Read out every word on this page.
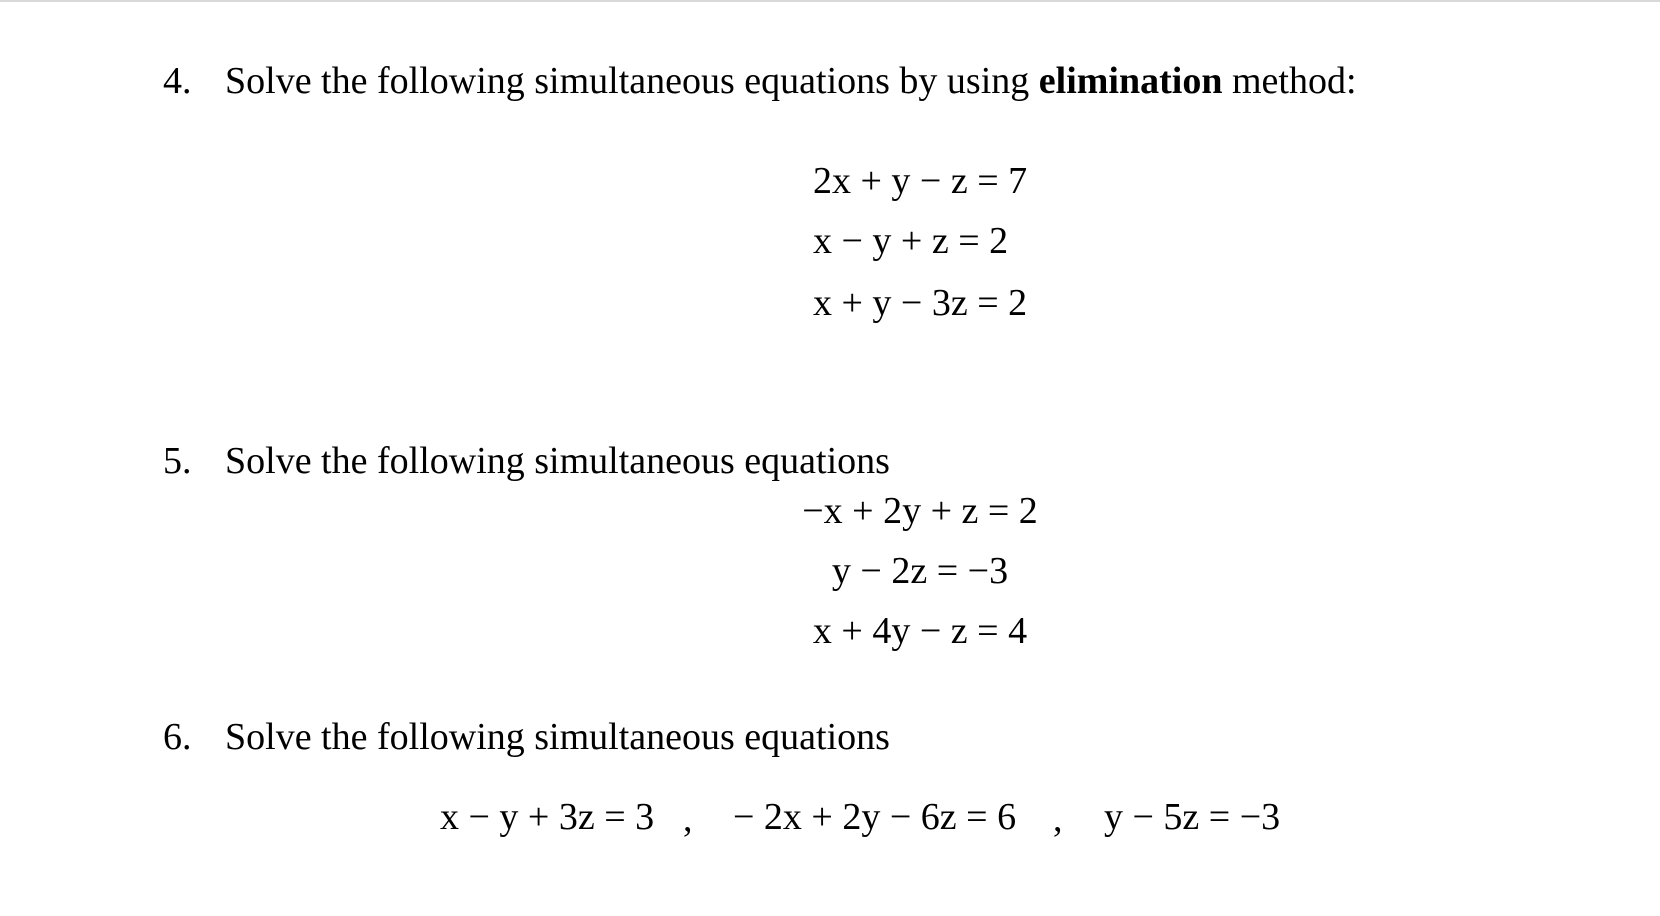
4. Solve the following simultaneous equations by using elimination method:
2x + y − z = 7
x − y + z = 2
x + y − 3z = 2
5. Solve the following simultaneous equations
−x + 2y + z = 2
y − 2z = −3
x + 4y − z = 4
6. Solve the following simultaneous equations
x − y + 3z = 3 , − 2x + 2y − 6z = 6 , y − 5z = −3
